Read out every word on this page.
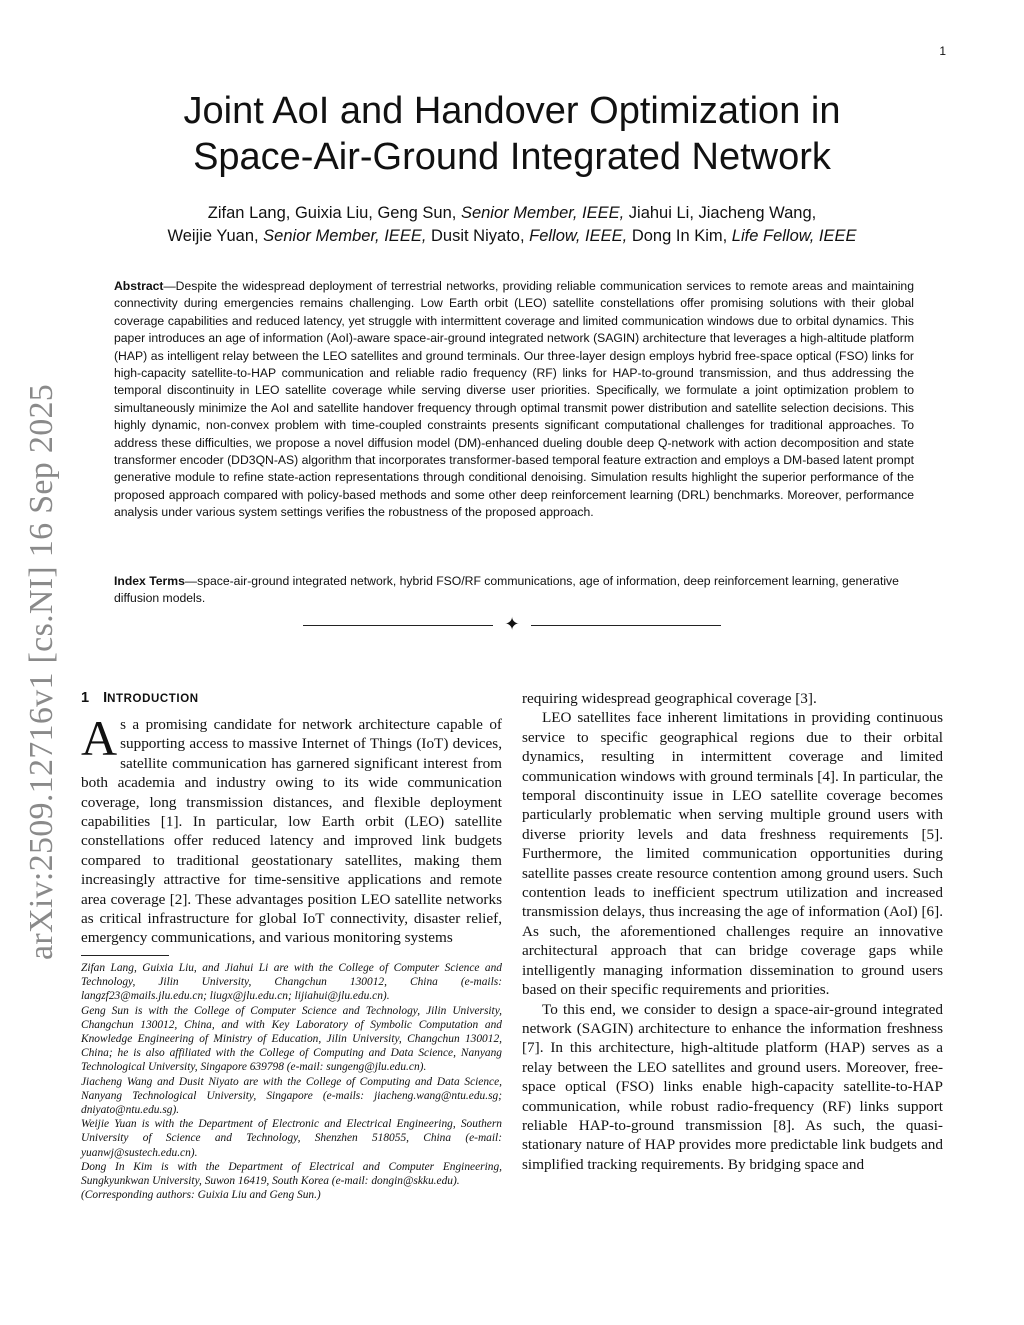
1
arXiv:2509.12716v1 [cs.NI] 16 Sep 2025
Joint AoI and Handover Optimization in
Space-Air-Ground Integrated Network
Zifan Lang, Guixia Liu, Geng Sun, Senior Member, IEEE, Jiahui Li, Jiacheng Wang,
Weijie Yuan, Senior Member, IEEE, Dusit Niyato, Fellow, IEEE, Dong In Kim, Life Fellow, IEEE
Abstract—Despite the widespread deployment of terrestrial networks, providing reliable communication services to remote areas and maintaining connectivity during emergencies remains challenging. Low Earth orbit (LEO) satellite constellations offer promising solutions with their global coverage capabilities and reduced latency, yet struggle with intermittent coverage and limited communication windows due to orbital dynamics. This paper introduces an age of information (AoI)-aware space-air-ground integrated network (SAGIN) architecture that leverages a high-altitude platform (HAP) as intelligent relay between the LEO satellites and ground terminals. Our three-layer design employs hybrid free-space optical (FSO) links for high-capacity satellite-to-HAP communication and reliable radio frequency (RF) links for HAP-to-ground transmission, and thus addressing the temporal discontinuity in LEO satellite coverage while serving diverse user priorities. Specifically, we formulate a joint optimization problem to simultaneously minimize the AoI and satellite handover frequency through optimal transmit power distribution and satellite selection decisions. This highly dynamic, non-convex problem with time-coupled constraints presents significant computational challenges for traditional approaches. To address these difficulties, we propose a novel diffusion model (DM)-enhanced dueling double deep Q-network with action decomposition and state transformer encoder (DD3QN-AS) algorithm that incorporates transformer-based temporal feature extraction and employs a DM-based latent prompt generative module to refine state-action representations through conditional denoising. Simulation results highlight the superior performance of the proposed approach compared with policy-based methods and some other deep reinforcement learning (DRL) benchmarks. Moreover, performance analysis under various system settings verifies the robustness of the proposed approach.
Index Terms—space-air-ground integrated network, hybrid FSO/RF communications, age of information, deep reinforcement learning, generative diffusion models.
✦
1 INTRODUCTION

As a promising candidate for network architecture capable of supporting access to massive Internet of Things (IoT) devices, satellite communication has garnered significant interest from both academia and industry owing to its wide communication coverage, long transmission distances, and flexible deployment capabilities [1]. In particular, low Earth orbit (LEO) satellite constellations offer reduced latency and improved link budgets compared to traditional geostationary satellites, making them increasingly attractive for time-sensitive applications and remote area coverage [2]. These advantages position LEO satellite networks as critical infrastructure for global IoT connectivity, disaster relief, emergency communications, and various monitoring systems

Zifan Lang, Guixia Liu, and Jiahui Li are with the College of Computer Science and Technology, Jilin University, Changchun 130012, China (e-mails: langzf23@mails.jlu.edu.cn; liugx@jlu.edu.cn; lijiahui@jlu.edu.cn).

Geng Sun is with the College of Computer Science and Technology, Jilin University, Changchun 130012, China, and with Key Laboratory of Symbolic Computation and Knowledge Engineering of Ministry of Education, Jilin University, Changchun 130012, China; he is also affiliated with the College of Computing and Data Science, Nanyang Technological University, Singapore 639798 (e-mail: sungeng@jlu.edu.cn).

Jiacheng Wang and Dusit Niyato are with the College of Computing and Data Science, Nanyang Technological University, Singapore (e-mails: jiacheng.wang@ntu.edu.sg; dniyato@ntu.edu.sg).

Weijie Yuan is with the Department of Electronic and Electrical Engineering, Southern University of Science and Technology, Shenzhen 518055, China (e-mail: yuanwj@sustech.edu.cn).

Dong In Kim is with the Department of Electrical and Computer Engineering, Sungkyunkwan University, Suwon 16419, South Korea (e-mail: dongin@skku.edu).

(Corresponding authors: Guixia Liu and Geng Sun.)

requiring widespread geographical coverage [3].

LEO satellites face inherent limitations in providing continuous service to specific geographical regions due to their orbital dynamics, resulting in intermittent coverage and limited communication windows with ground terminals [4]. In particular, the temporal discontinuity issue in LEO satellite coverage becomes particularly problematic when serving multiple ground users with diverse priority levels and data freshness requirements [5]. Furthermore, the limited communication opportunities during satellite passes create resource contention among ground users. Such contention leads to inefficient spectrum utilization and increased transmission delays, thus increasing the age of information (AoI) [6]. As such, the aforementioned challenges require an innovative architectural approach that can bridge coverage gaps while intelligently managing information dissemination to ground users based on their specific requirements and priorities.

To this end, we consider to design a space-air-ground integrated network (SAGIN) architecture to enhance the information freshness [7]. In this architecture, high-altitude platform (HAP) serves as a relay between the LEO satellites and ground users. Moreover, free-space optical (FSO) links enable high-capacity satellite-to-HAP communication, while robust radio-frequency (RF) links support reliable HAP-to-ground transmission [8]. As such, the quasi-stationary nature of HAP provides more predictable link budgets and simplified tracking requirements. By bridging space and
